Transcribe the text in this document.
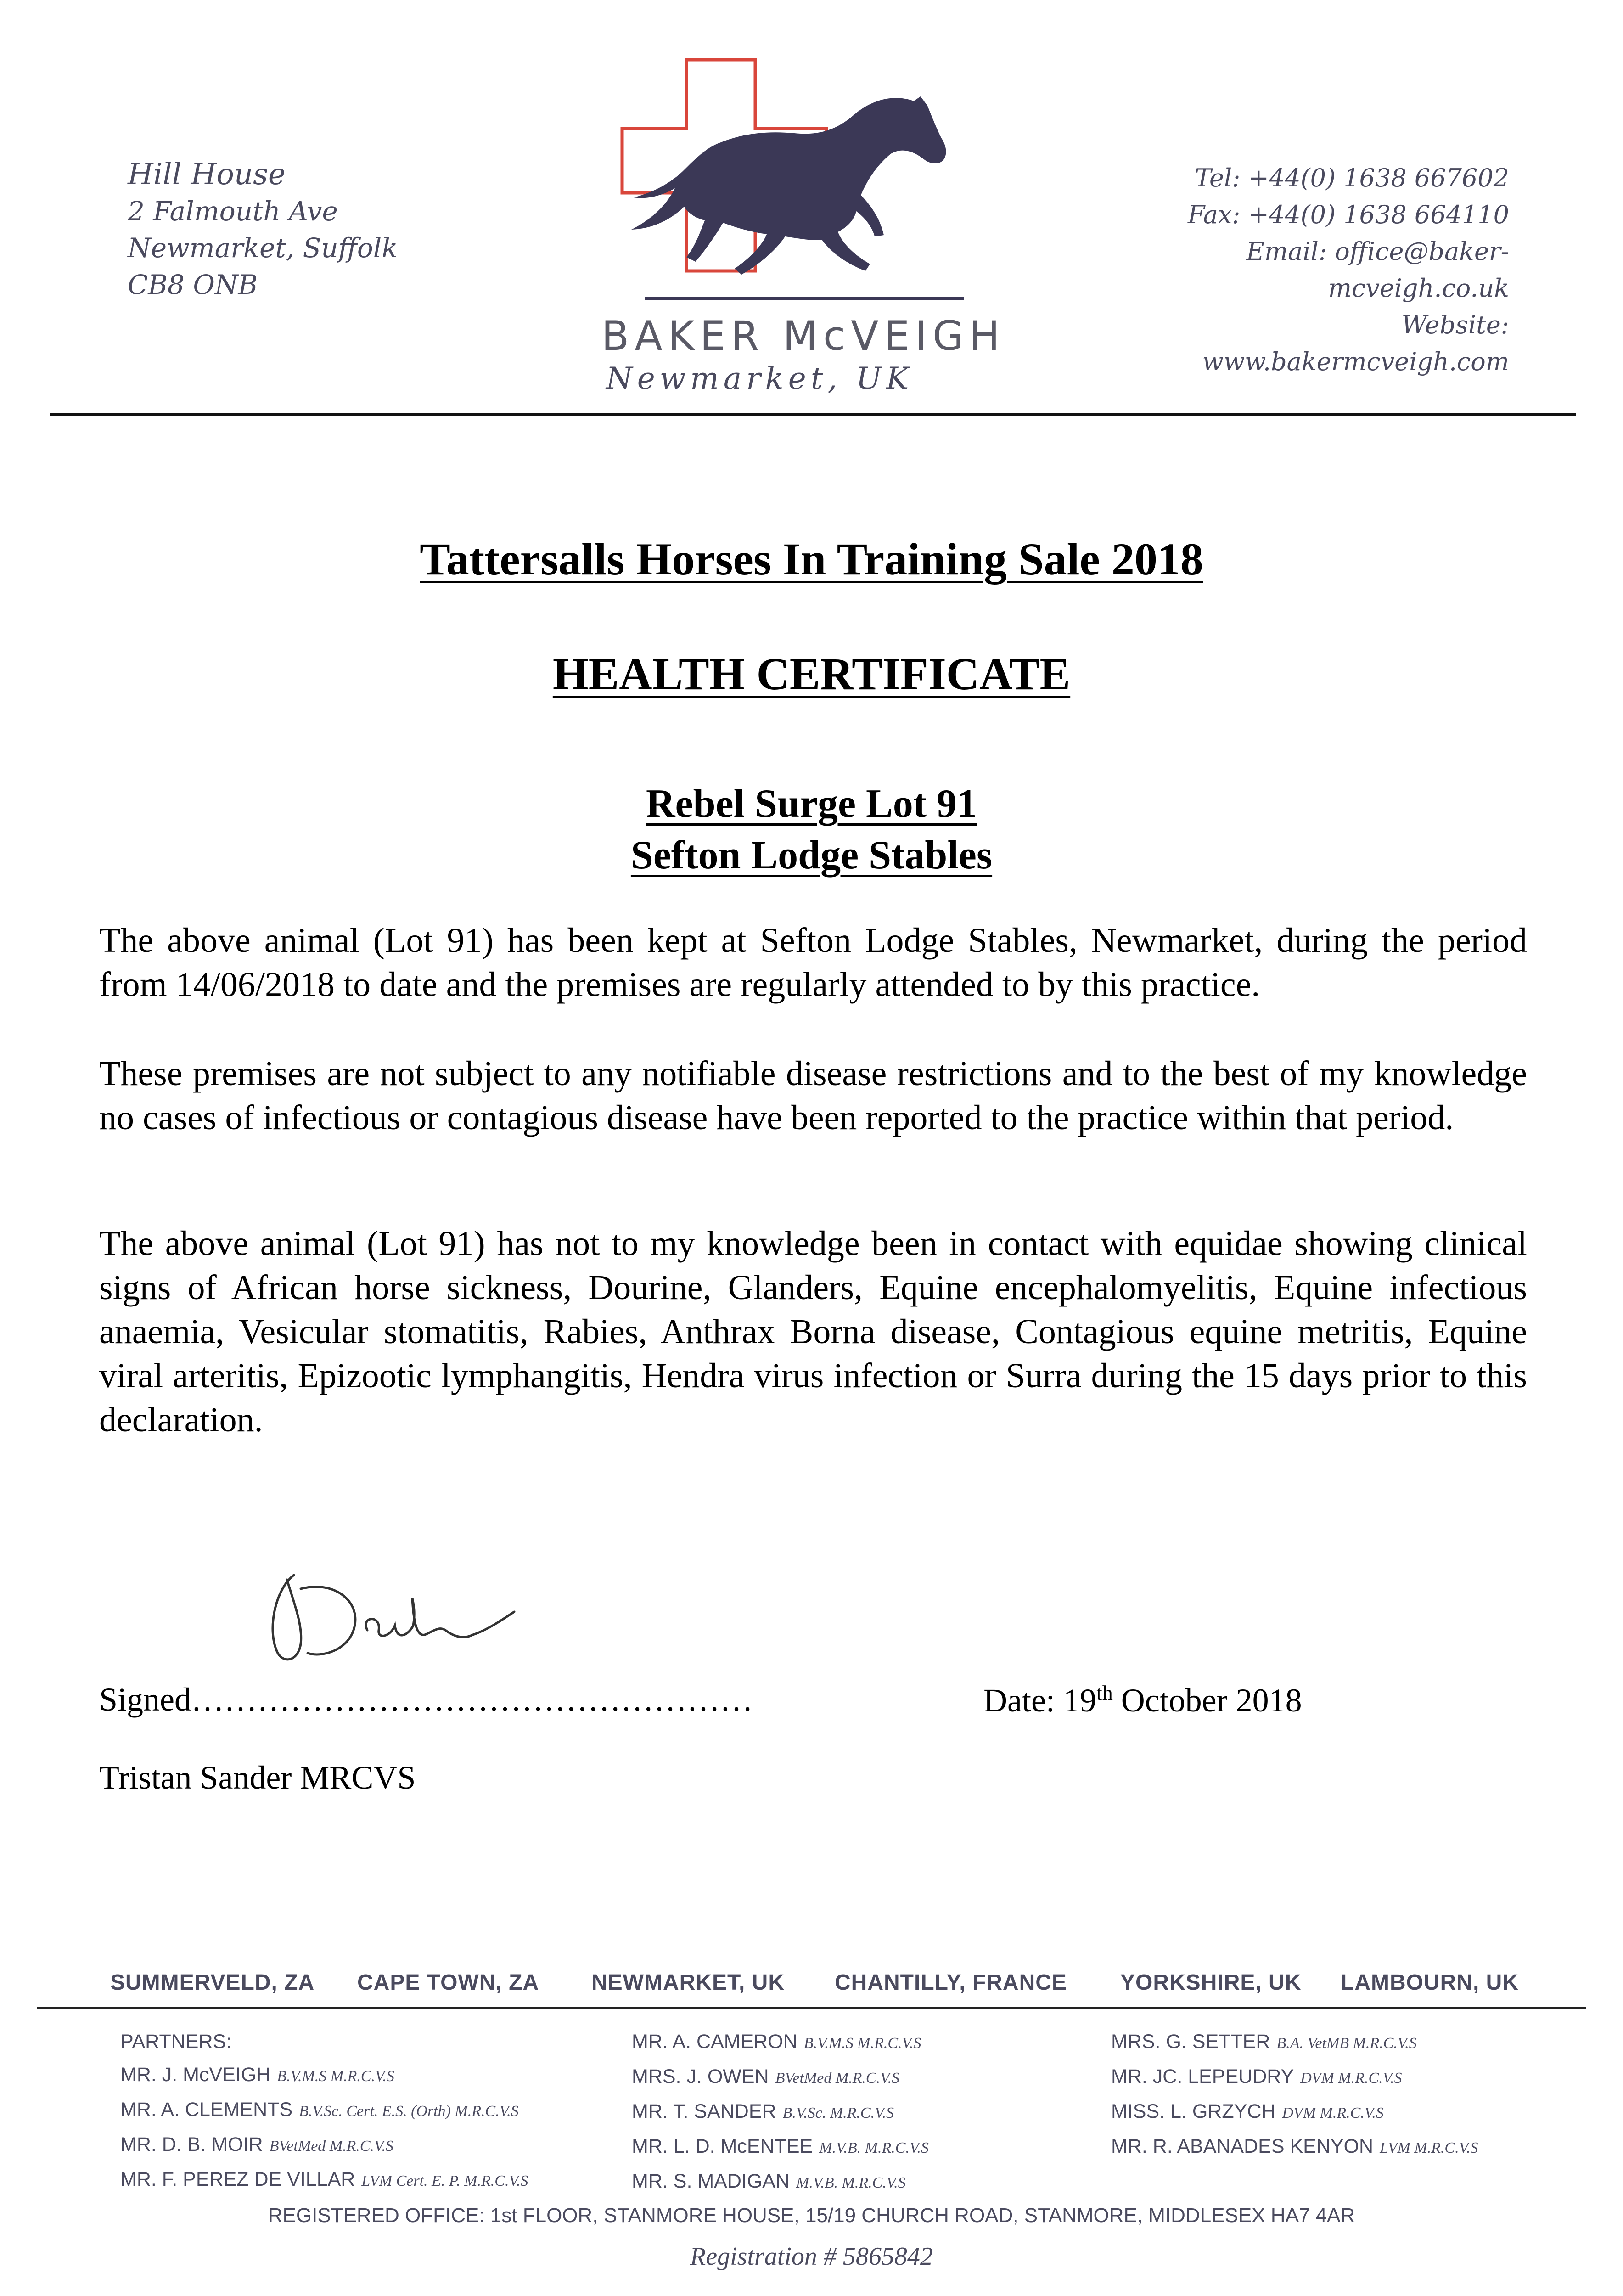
Hill House
2 Falmouth Ave
Newmarket, Suffolk
CB8 ONB
BAKER McVEIGH
Newmarket, UK
Tel: +44(0) 1638 667602
Fax: +44(0) 1638 664110
Email: office@baker-mcveigh.co.uk
Website: www.bakermcveigh.com
Tattersalls Horses In Training Sale 2018
HEALTH CERTIFICATE
Rebel Surge Lot 91
Sefton Lodge Stables
The above animal (Lot 91) has been kept at Sefton Lodge Stables, Newmarket, during the period from 14/06/2018 to date and the premises are regularly attended to by this practice.
These premises are not subject to any notifiable disease restrictions and to the best of my knowledge no cases of infectious or contagious disease have been reported to the practice within that period.
The above animal (Lot 91) has not to my knowledge been in contact with equidae showing clinical signs of African horse sickness, Dourine, Glanders, Equine encephalomyelitis, Equine infectious anaemia, Vesicular stomatitis, Rabies, Anthrax Borna disease, Contagious equine metritis, Equine viral arteritis, Epizootic lymphangitis, Hendra virus infection or Surra during the 15 days prior to this declaration.
Signed……………………………………………	Date: 19th October 2018
Tristan Sander MRCVS
SUMMERVELD, ZA CAPE TOWN, ZA NEWMARKET, UK CHANTILLY, FRANCE YORKSHIRE, UK LAMBOURN, UK
PARTNERS:
MR. J. McVEIGH B.V.M.S M.R.C.V.S
MR. A. CLEMENTS B.V.Sc. Cert. E.S. (Orth) M.R.C.V.S
MR. D. B. MOIR BVetMed M.R.C.V.S
MR. F. PEREZ DE VILLAR LVM Cert. E. P. M.R.C.V.S
MR. A. CAMERON B.V.M.S M.R.C.V.S
MRS. J. OWEN BVetMed M.R.C.V.S
MR. T. SANDER B.V.Sc. M.R.C.V.S
MR. L. D. McENTEE M.V.B. M.R.C.V.S
MR. S. MADIGAN M.V.B. M.R.C.V.S
MRS. G. SETTER B.A. VetMB M.R.C.V.S
MR. JC. LEPEUDRY DVM M.R.C.V.S
MISS. L. GRZYCH DVM M.R.C.V.S
MR. R. ABANADES KENYON LVM M.R.C.V.S
REGISTERED OFFICE: 1st FLOOR, STANMORE HOUSE, 15/19 CHURCH ROAD, STANMORE, MIDDLESEX HA7 4AR
Registration # 5865842
